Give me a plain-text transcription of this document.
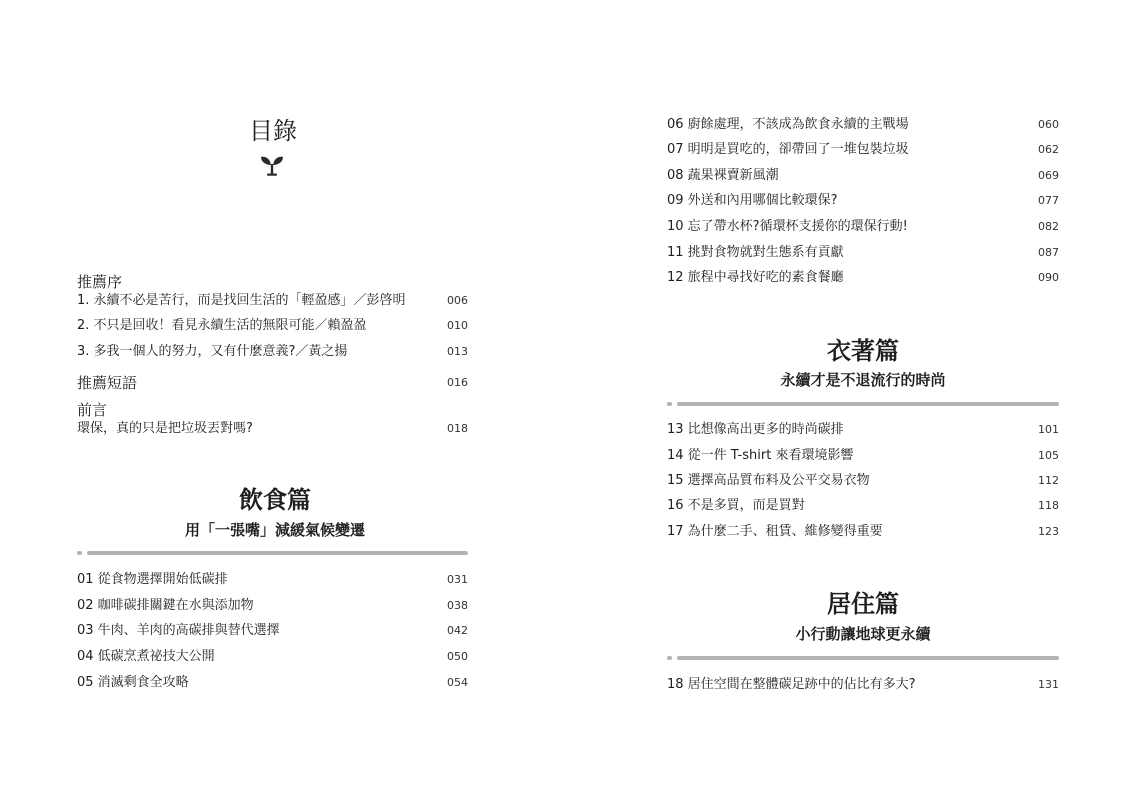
目錄
推薦序
1. 永續不必是苦行，而是找回生活的「輕盈感」／彭啓明	006
2. 不只是回收！看見永續生活的無限可能／賴盈盈	010
3. 多我一個人的努力，又有什麼意義?／黃之揚	013
推薦短語	016
前言
環保，真的只是把垃圾丟對嗎?	018
飲食篇
用「一張嘴」減緩氣候變遷
01 從食物選擇開始低碳排	031
02 咖啡碳排關鍵在水與添加物	038
03 牛肉、羊肉的高碳排與替代選擇	042
04 低碳烹煮祕技大公開	050
05 消滅剩食全攻略	054
06 廚餘處理，不該成為飲食永續的主戰場	060
07 明明是買吃的，卻帶回了一堆包裝垃圾	062
08 蔬果裸賣新風潮	069
09 外送和內用哪個比較環保?	077
10 忘了帶水杯?循環杯支援你的環保行動!	082
11 挑對食物就對生態系有貢獻	087
12 旅程中尋找好吃的素食餐廳	090
衣著篇
永續才是不退流行的時尚
13 比想像高出更多的時尚碳排	101
14 從一件 T-shirt 來看環境影響	105
15 選擇高品質布料及公平交易衣物	112
16 不是多買，而是買對	118
17 為什麼二手、租賃、維修變得重要	123
居住篇
小行動讓地球更永續
18 居住空間在整體碳足跡中的佔比有多大?	131
